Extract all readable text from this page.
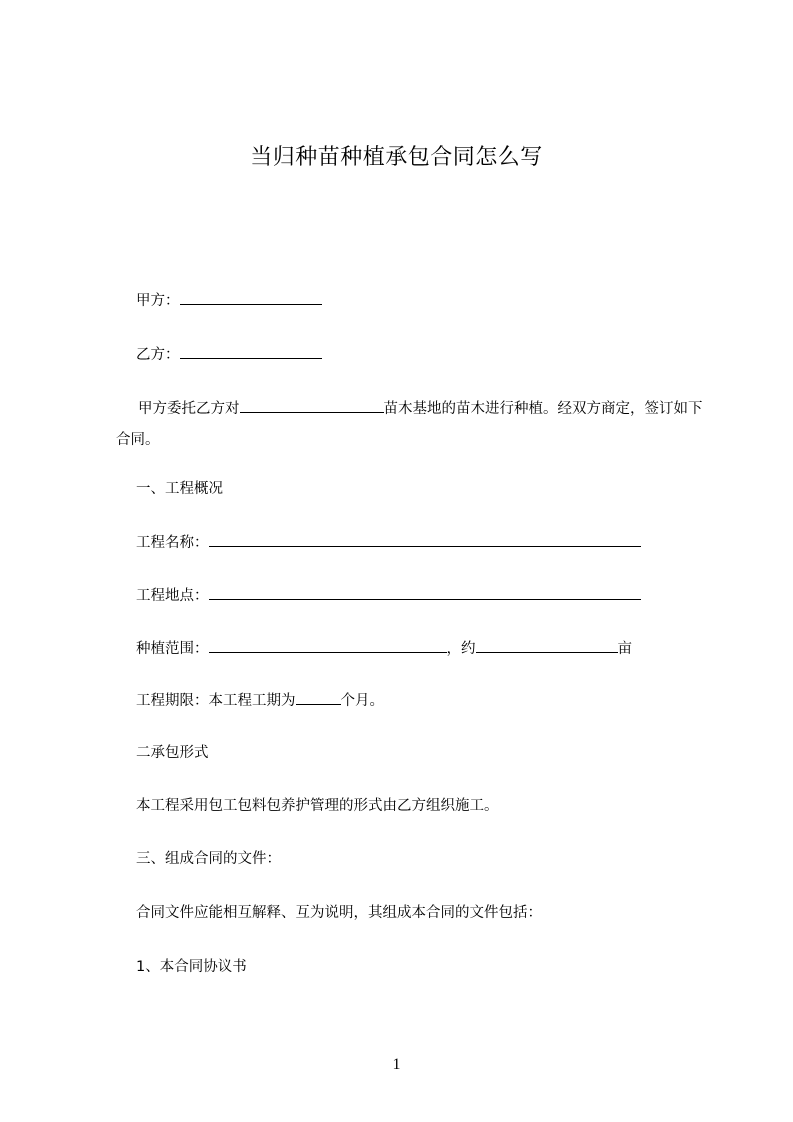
当归种苗种植承包合同怎么写
甲方：
乙方：
甲方委托乙方对	苗木基地的苗木进行种植。经双方商定，签订如下合同。
一、工程概况
工程名称：
工程地点：
种植范围：	，约	亩
工程期限：本工程工期为	个月。
二承包形式
本工程采用包工包料包养护管理的形式由乙方组织施工。
三、组成合同的文件：
合同文件应能相互解释、互为说明，其组成本合同的文件包括：
1、本合同协议书
1
